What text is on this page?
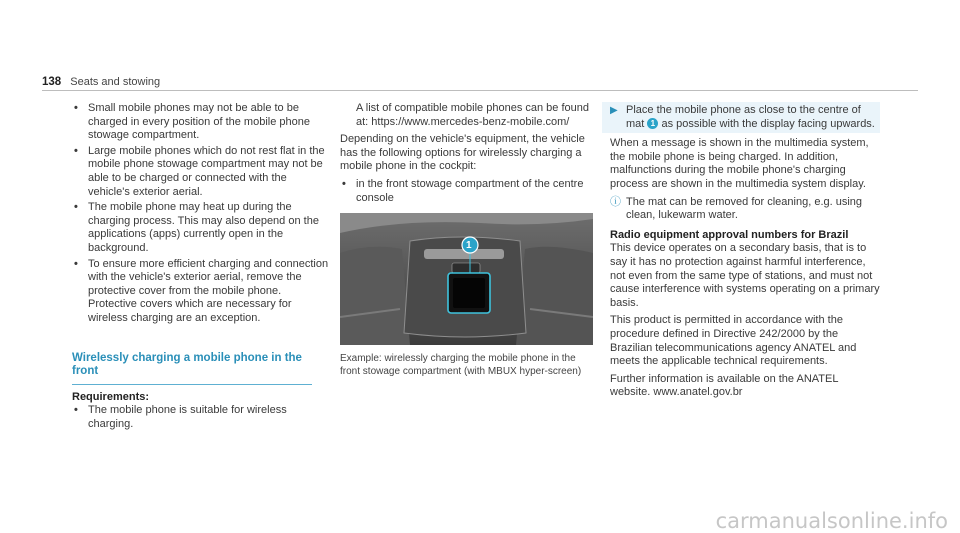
138 Seats and stowing
• Small mobile phones may not be able to be charged in every position of the mobile phone stowage compartment.
• Large mobile phones which do not rest flat in the mobile phone stowage compartment may not be able to be charged or connected with the vehicle's exterior aerial.
• The mobile phone may heat up during the charging process. This may also depend on the applications (apps) currently open in the background.
• To ensure more efficient charging and connection with the vehicle's exterior aerial, remove the protective cover from the mobile phone. Protective covers which are necessary for wireless charging are an exception.
Wirelessly charging a mobile phone in the front
Requirements:
• The mobile phone is suitable for wireless charging.

A list of compatible mobile phones can be found at: https://www.mercedes-benz-mobile.com/

Depending on the vehicle's equipment, the vehicle has the following options for wirelessly charging a mobile phone in the cockpit:

• in the front stowage compartment of the centre console
1
Example: wirelessly charging the mobile phone in the front stowage compartment (with MBUX hyper-screen)

▶ Place the mobile phone as close to the centre of mat 1 as possible with the display facing upwards.

When a message is shown in the multimedia system, the mobile phone is being charged. In addition, malfunctions during the mobile phone's charging process are shown in the multimedia system display.

ⓘ The mat can be removed for cleaning, e.g. using clean, lukewarm water.

Radio equipment approval numbers for Brazil

This device operates on a secondary basis, that is to say it has no protection against harmful interference, not even from the same type of stations, and must not cause interference with systems operating on a primary basis.

This product is permitted in accordance with the procedure defined in Directive 242/2000 by the Brazilian telecommunications agency ANATEL and meets the applicable technical requirements.

Further information is available on the ANATEL website. www.anatel.gov.br

carmanualsonline.info
